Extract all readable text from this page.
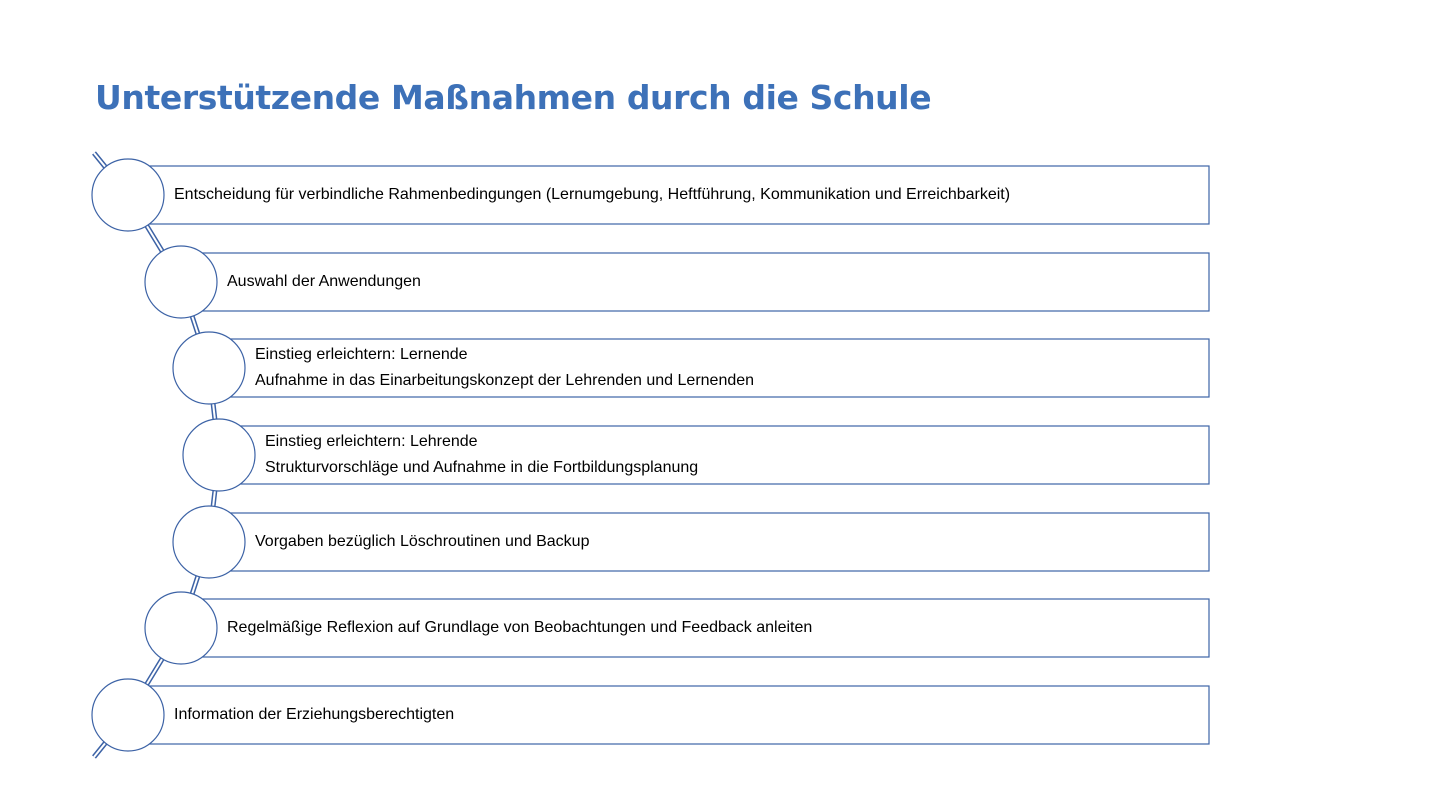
Unterstützende Maßnahmen durch die Schule
Entscheidung für verbindliche Rahmenbedingungen (Lernumgebung, Heftführung, Kommunikation und Erreichbarkeit)
Auswahl der Anwendungen
Einstieg erleichtern: Lernende
Aufnahme in das Einarbeitungskonzept der Lehrenden und Lernenden
Einstieg erleichtern: Lehrende
Strukturvorschläge und Aufnahme in die Fortbildungsplanung
Vorgaben bezüglich Löschroutinen und Backup
Regelmäßige Reflexion auf Grundlage von Beobachtungen und Feedback anleiten
Information der Erziehungsberechtigten
